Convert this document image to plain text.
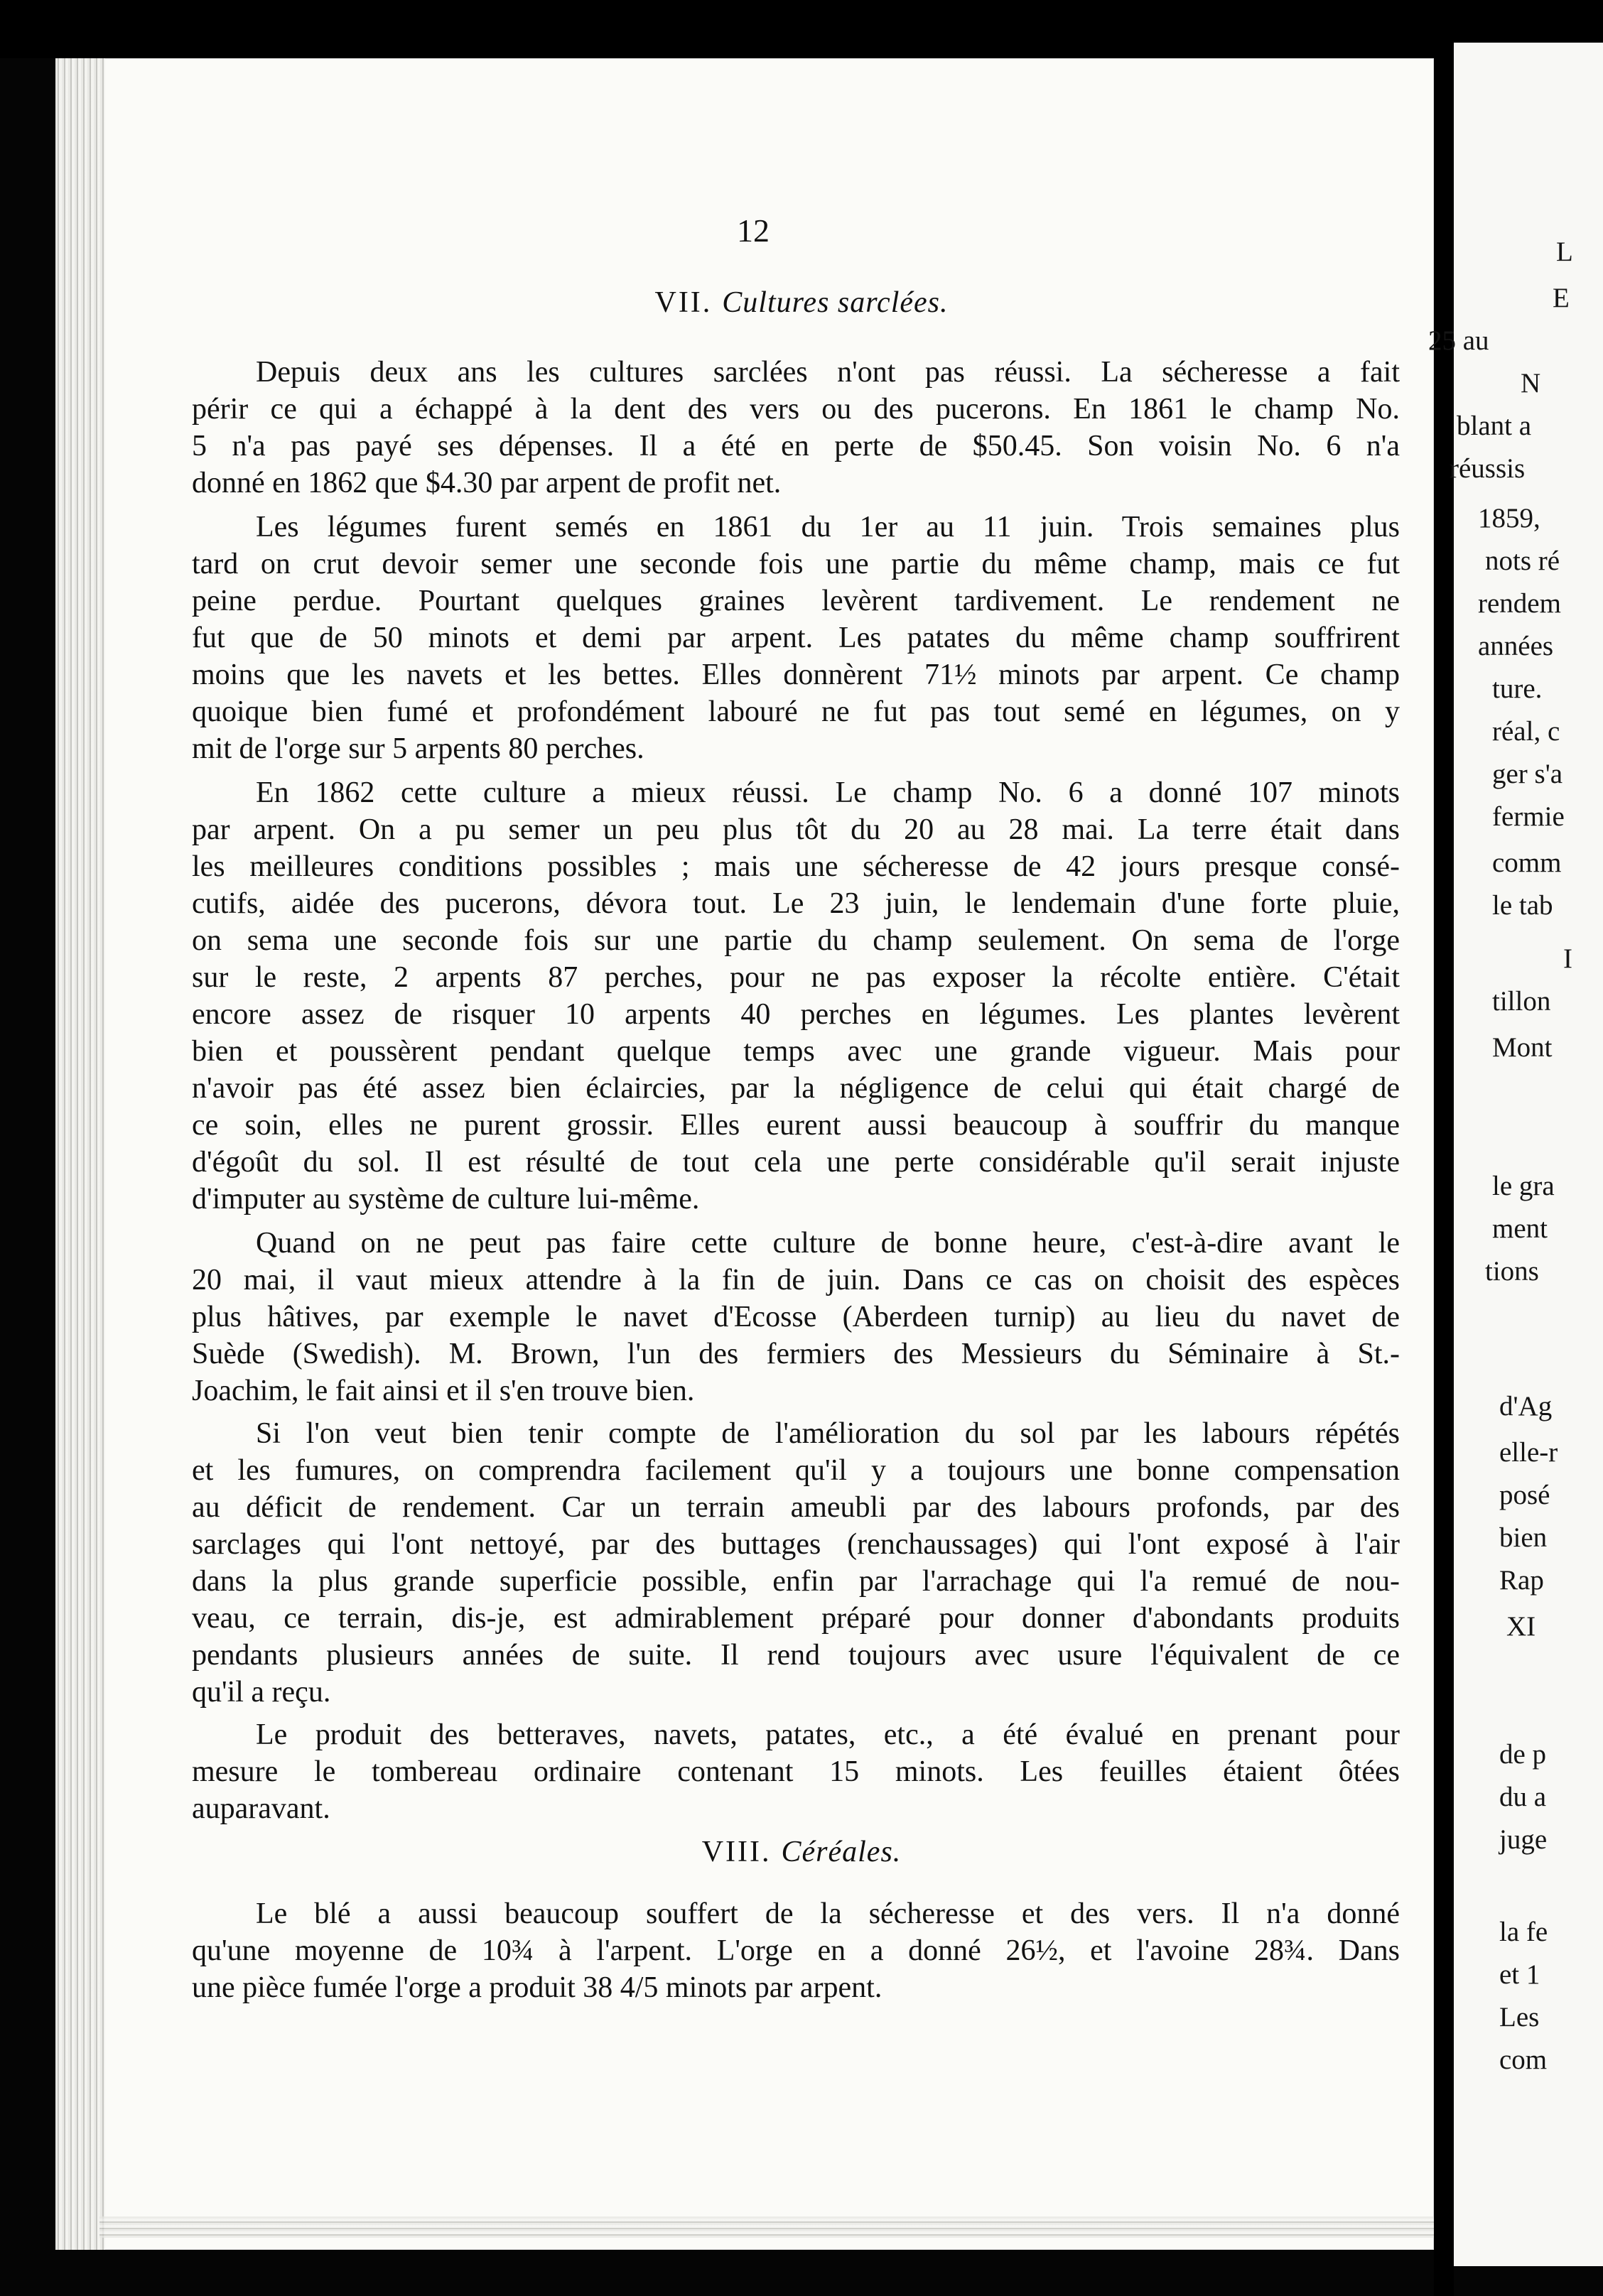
L
E
25 au
N
blant a
réussis
1859,
nots ré
rendem
années
ture.
réal, c
ger s'a
fermie
comm
le tab
I
tillon
Mont
le gra
ment
tions
d'Ag
elle-r
posé
bien
Rap
XI
de p
du a
juge
la fe
et 1
Les
com
12
VII. Cultures sarclées.
Depuis deux ans les cultures sarclées n'ont pas réussi. La sécheresse a fait
périr ce qui a échappé à la dent des vers ou des pucerons. En 1861 le champ No.
5 n'a pas payé ses dépenses. Il a été en perte de $50.45. Son voisin No. 6 n'a
donné en 1862 que $4.30 par arpent de profit net.
Les légumes furent semés en 1861 du 1er au 11 juin. Trois semaines plus
tard on crut devoir semer une seconde fois une partie du même champ, mais ce fut
peine perdue. Pourtant quelques graines levèrent tardivement. Le rendement ne
fut que de 50 minots et demi par arpent. Les patates du même champ souffrirent
moins que les navets et les bettes. Elles donnèrent 71½ minots par arpent. Ce champ
quoique bien fumé et profondément labouré ne fut pas tout semé en légumes, on y
mit de l'orge sur 5 arpents 80 perches.
En 1862 cette culture a mieux réussi. Le champ No. 6 a donné 107 minots
par arpent. On a pu semer un peu plus tôt du 20 au 28 mai. La terre était dans
les meilleures conditions possibles ; mais une sécheresse de 42 jours presque consé-
cutifs, aidée des pucerons, dévora tout. Le 23 juin, le lendemain d'une forte pluie,
on sema une seconde fois sur une partie du champ seulement. On sema de l'orge
sur le reste, 2 arpents 87 perches, pour ne pas exposer la récolte entière. C'était
encore assez de risquer 10 arpents 40 perches en légumes. Les plantes levèrent
bien et poussèrent pendant quelque temps avec une grande vigueur. Mais pour
n'avoir pas été assez bien éclaircies, par la négligence de celui qui était chargé de
ce soin, elles ne purent grossir. Elles eurent aussi beaucoup à souffrir du manque
d'égoût du sol. Il est résulté de tout cela une perte considérable qu'il serait injuste
d'imputer au système de culture lui-même.
Quand on ne peut pas faire cette culture de bonne heure, c'est-à-dire avant le
20 mai, il vaut mieux attendre à la fin de juin. Dans ce cas on choisit des espèces
plus hâtives, par exemple le navet d'Ecosse (Aberdeen turnip) au lieu du navet de
Suède (Swedish). M. Brown, l'un des fermiers des Messieurs du Séminaire à St.-
Joachim, le fait ainsi et il s'en trouve bien.
Si l'on veut bien tenir compte de l'amélioration du sol par les labours répétés
et les fumures, on comprendra facilement qu'il y a toujours une bonne compensation
au déficit de rendement. Car un terrain ameubli par des labours profonds, par des
sarclages qui l'ont nettoyé, par des buttages (renchaussages) qui l'ont exposé à l'air
dans la plus grande superficie possible, enfin par l'arrachage qui l'a remué de nou-
veau, ce terrain, dis-je, est admirablement préparé pour donner d'abondants produits
pendants plusieurs années de suite. Il rend toujours avec usure l'équivalent de ce
qu'il a reçu.
Le produit des betteraves, navets, patates, etc., a été évalué en prenant pour
mesure le tombereau ordinaire contenant 15 minots. Les feuilles étaient ôtées
auparavant.
VIII. Céréales.
Le blé a aussi beaucoup souffert de la sécheresse et des vers. Il n'a donné
qu'une moyenne de 10¾ à l'arpent. L'orge en a donné 26½, et l'avoine 28¾. Dans
une pièce fumée l'orge a produit 38 4/5 minots par arpent.
